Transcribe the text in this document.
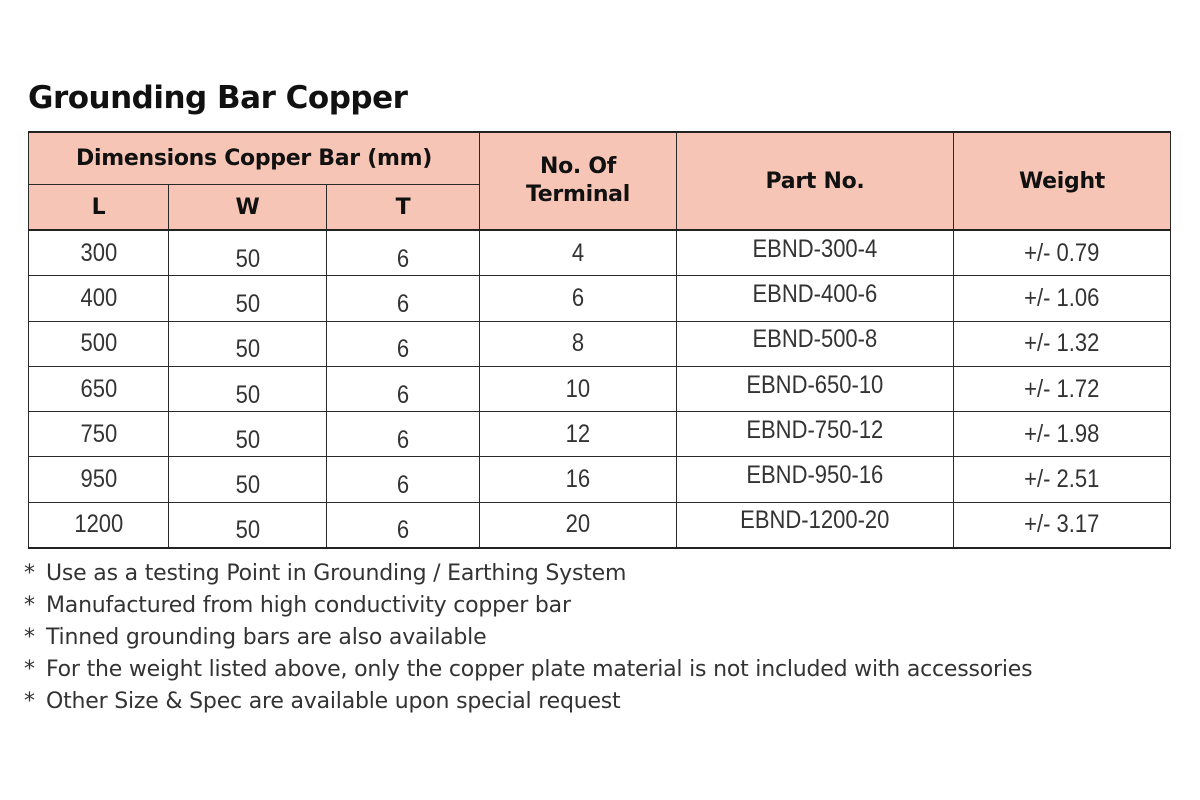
Grounding Bar Copper
Dimensions Copper Bar (mm)			No. Of Terminal	Part No.	Weight
L	W	T			
300	50	6	4	EBND-300-4	+/- 0.79
400	50	6	6	EBND-400-6	+/- 1.06
500	50	6	8	EBND-500-8	+/- 1.32
650	50	6	10	EBND-650-10	+/- 1.72
750	50	6	12	EBND-750-12	+/- 1.98
950	50	6	16	EBND-950-16	+/- 2.51
1200	50	6	20	EBND-1200-20	+/- 3.17
* Use as a testing Point in Grounding / Earthing System
* Manufactured from high conductivity copper bar
* Tinned grounding bars are also available
* For the weight listed above, only the copper plate material is not included with accessories
* Other Size & Spec are available upon special request
